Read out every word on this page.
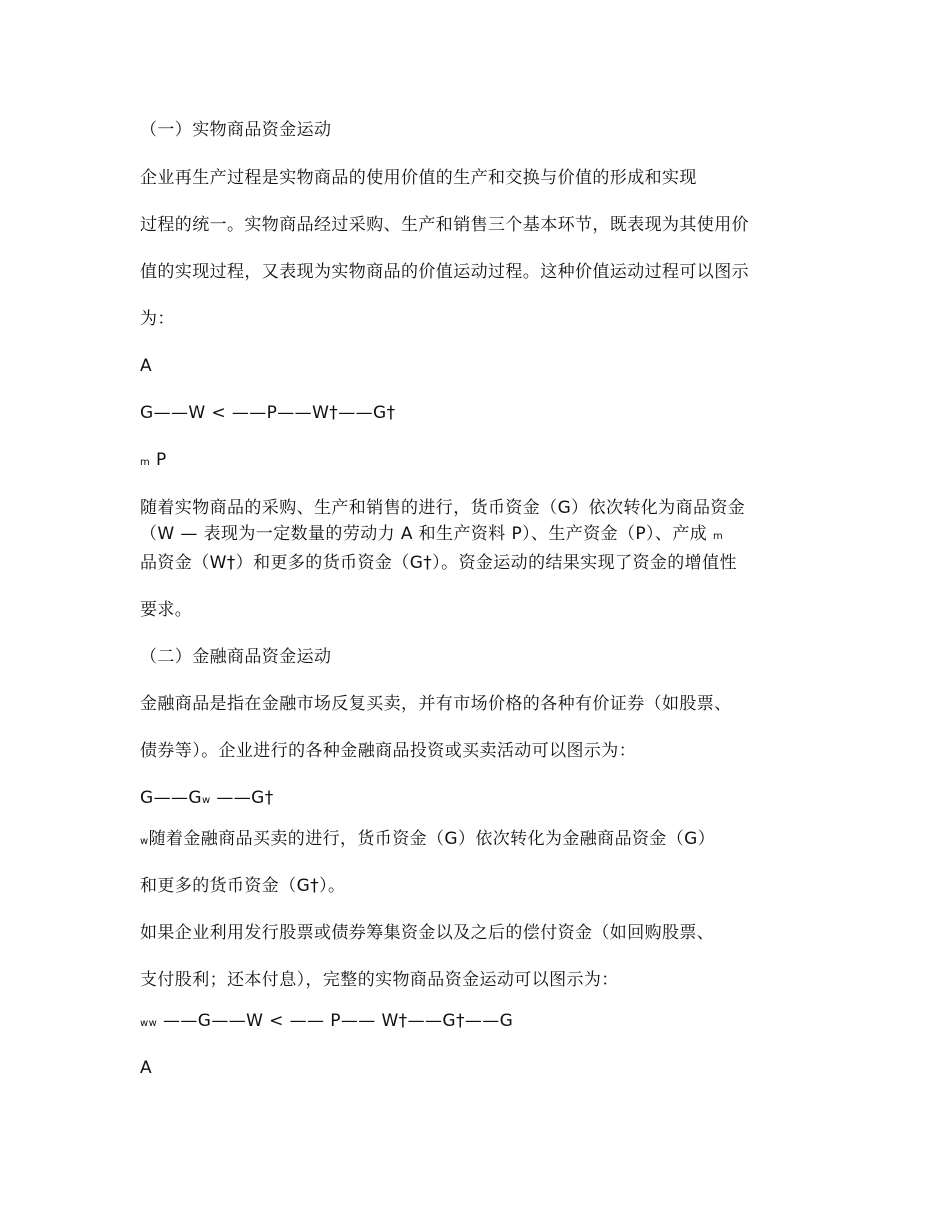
（一）实物商品资金运动
企业再生产过程是实物商品的使用价值的生产和交换与价值的形成和实现
过程的统一。实物商品经过采购、生产和销售三个基本环节，既表现为其使用价
值的实现过程，又表现为实物商品的价值运动过程。这种价值运动过程可以图示
为：
A
G——W < ——P——W†——G†
m P
随着实物商品的采购、生产和销售的进行，货币资金（G）依次转化为商品资金
（W — 表现为一定数量的劳动力 A 和生产资料 P）、生产资金（P）、产成 m
品资金（W†）和更多的货币资金（G†）。资金运动的结果实现了资金的增值性
要求。
（二）金融商品资金运动
金融商品是指在金融市场反复买卖，并有市场价格的各种有价证券（如股票、
债券等）。企业进行的各种金融商品投资或买卖活动可以图示为：
G——Gw ——G†
w随着金融商品买卖的进行，货币资金（G）依次转化为金融商品资金（G）
和更多的货币资金（G†）。
如果企业利用发行股票或债券筹集资金以及之后的偿付资金（如回购股票、
支付股利；还本付息），完整的实物商品资金运动可以图示为：
ww ——G——W < —— P—— W†——G†——G
A
